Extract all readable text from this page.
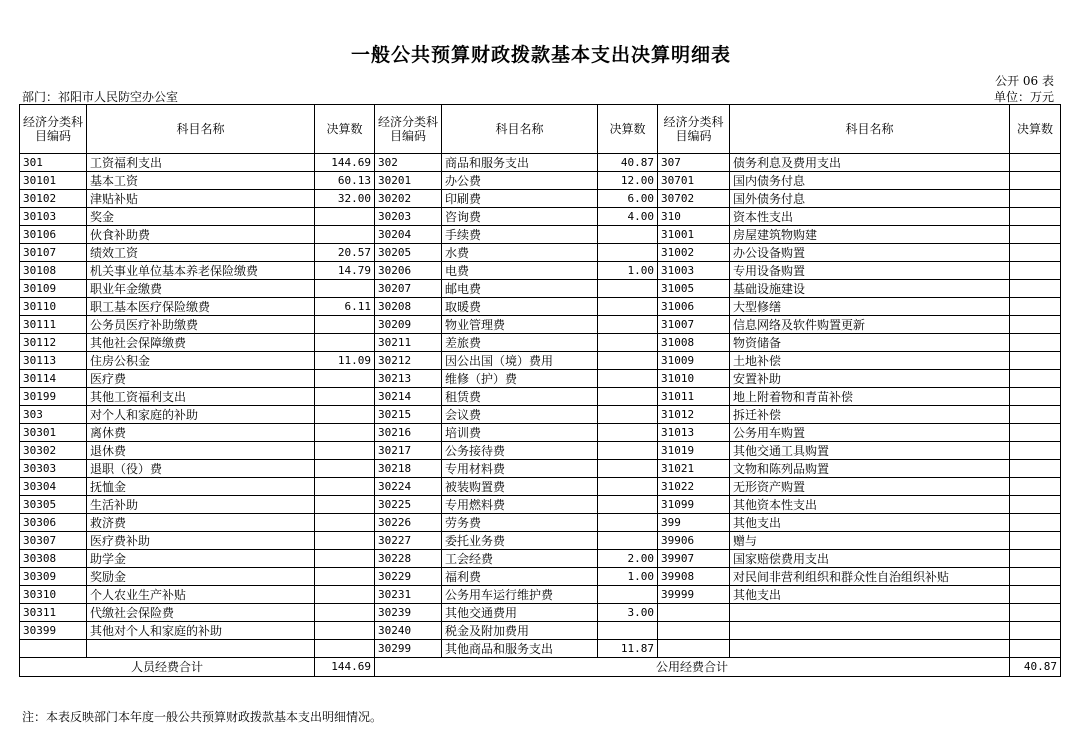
一般公共预算财政拨款基本支出决算明细表
公开 06 表
部门：祁阳市人民防空办公室	单位：万元
经济分类科目编码	科目名称	决算数	经济分类科目编码	科目名称	决算数	经济分类科目编码	科目名称	决算数
301	工资福利支出	144.69	302	商品和服务支出	40.87	307	债务利息及费用支出	
30101	基本工资	60.13	30201	办公费	12.00	30701	国内债务付息	
30102	津贴补贴	32.00	30202	印刷费	6.00	30702	国外债务付息	
30103	奖金		30203	咨询费	4.00	310	资本性支出	
30106	伙食补助费		30204	手续费		31001	房屋建筑物购建	
30107	绩效工资	20.57	30205	水费		31002	办公设备购置	
30108	机关事业单位基本养老保险缴费	14.79	30206	电费	1.00	31003	专用设备购置	
30109	职业年金缴费		30207	邮电费		31005	基础设施建设	
30110	职工基本医疗保险缴费	6.11	30208	取暖费		31006	大型修缮	
30111	公务员医疗补助缴费		30209	物业管理费		31007	信息网络及软件购置更新	
30112	其他社会保障缴费		30211	差旅费		31008	物资储备	
30113	住房公积金	11.09	30212	因公出国（境）费用		31009	土地补偿	
30114	医疗费		30213	维修（护）费		31010	安置补助	
30199	其他工资福利支出		30214	租赁费		31011	地上附着物和青苗补偿	
303	对个人和家庭的补助		30215	会议费		31012	拆迁补偿	
30301	离休费		30216	培训费		31013	公务用车购置	
30302	退休费		30217	公务接待费		31019	其他交通工具购置	
30303	退职（役）费		30218	专用材料费		31021	文物和陈列品购置	
30304	抚恤金		30224	被装购置费		31022	无形资产购置	
30305	生活补助		30225	专用燃料费		31099	其他资本性支出	
30306	救济费		30226	劳务费		399	其他支出	
30307	医疗费补助		30227	委托业务费		39906	赠与	
30308	助学金		30228	工会经费	2.00	39907	国家赔偿费用支出	
30309	奖励金		30229	福利费	1.00	39908	对民间非营利组织和群众性自治组织补贴	
30310	个人农业生产补贴		30231	公务用车运行维护费		39999	其他支出	
30311	代缴社会保险费		30239	其他交通费用	3.00			
30399	其他对个人和家庭的补助		30240	税金及附加费用				
			30299	其他商品和服务支出	11.87			
人员经费合计		144.69	公用经费合计					40.87
注：本表反映部门本年度一般公共预算财政拨款基本支出明细情况。
